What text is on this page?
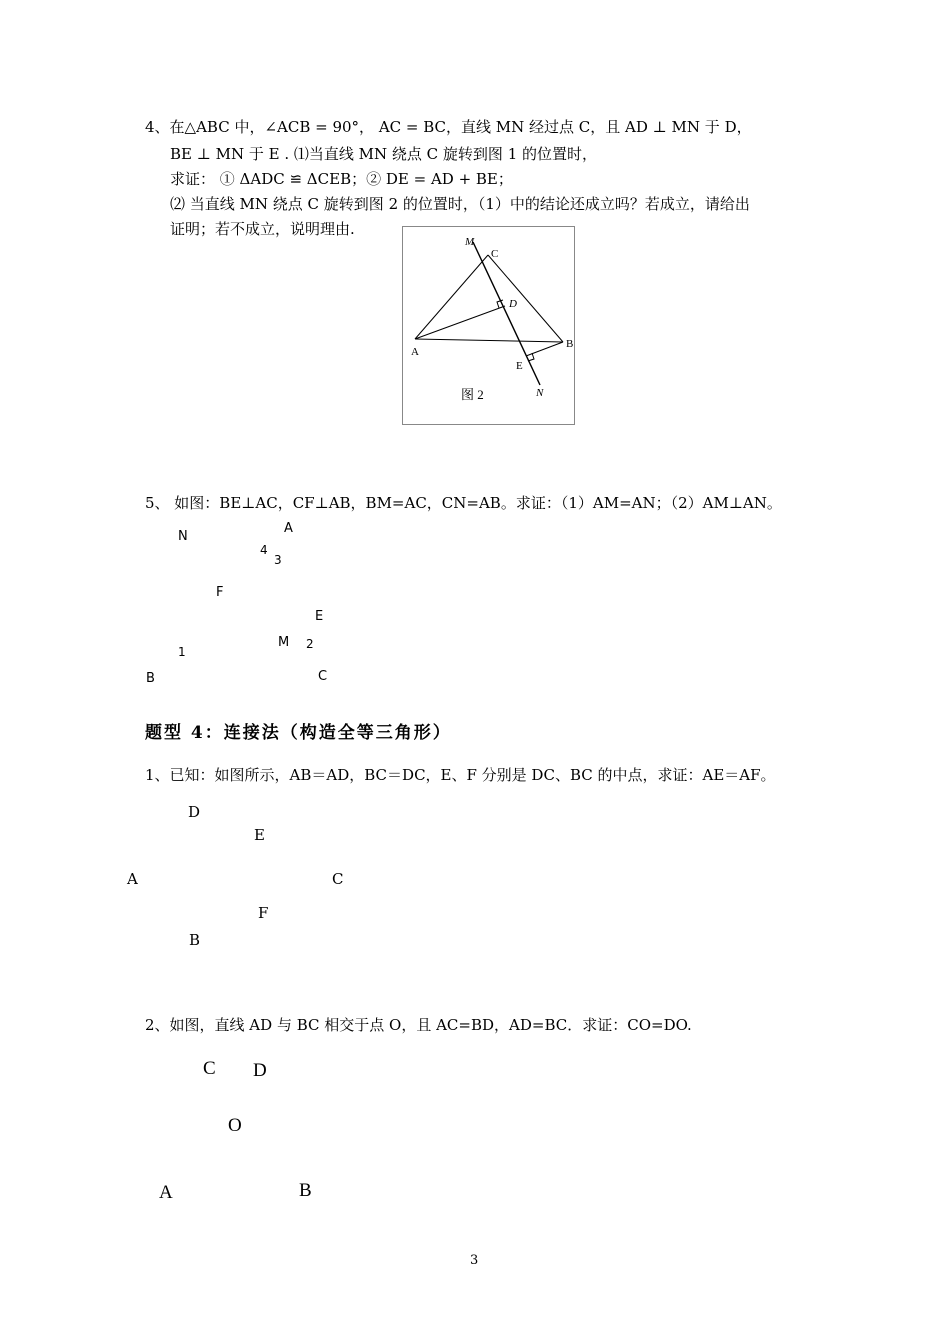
4、在△ABC 中，∠ACB = 90°， AC = BC，直线 MN 经过点 C，且 AD ⊥ MN 于 D，
BE ⊥ MN 于 E . ⑴当直线 MN 绕点 C 旋转到图 1 的位置时，
求证： ① ΔADC ≌ ΔCEB；② DE = AD + BE；
⑵ 当直线 MN 绕点 C 旋转到图 2 的位置时，（1）中的结论还成立吗？若成立，请给出
证明；若不成立，说明理由.
M
C
D
A
B
E
N
图 2
5、 如图：BE⊥AC，CF⊥AB，BM=AC，CN=AB。求证：（1）AM=AN；（2）AM⊥AN。
N
A
4
3
F
E
M 2
1
B	C
题型 4：连接法（构造全等三角形）
1、已知：如图所示，AB＝AD，BC＝DC，E、F 分别是 DC、BC 的中点，求证：AE＝AF。
D
E
A	C
F
B
2、如图，直线 AD 与 BC 相交于点 O，且 AC=BD，AD=BC．求证：CO=DO.
C D
O
A	B
3
